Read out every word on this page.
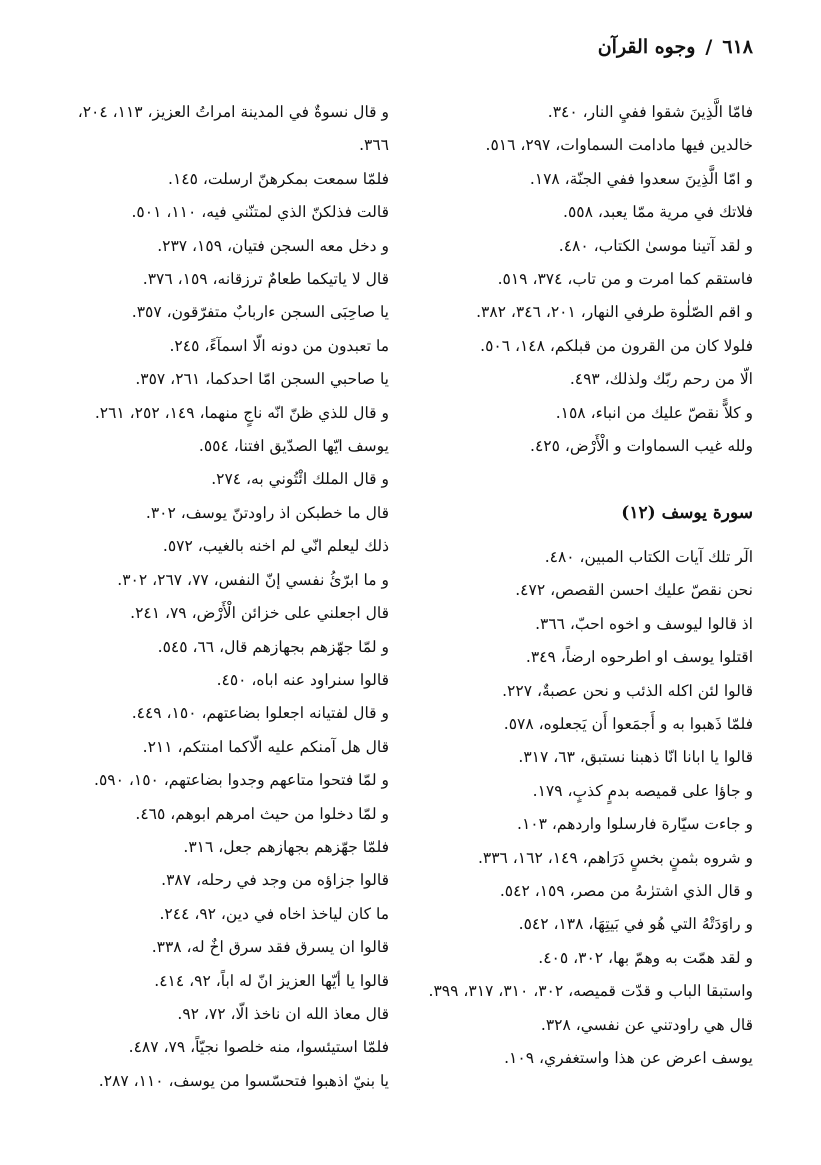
٦١٨/وجوه القرآن
فامّا الَّذِينَ شقوا ففيِ النار، ٣٤٠.
خالدين فيها مادامت السماوات، ٢٩٧، ٥١٦.
و امّا الَّذِينَ سعدوا ففي الجنّة، ١٧٨.
فلاتك في مرية ممّا يعبد، ٥٥٨.
و لقد آتينا موسىٰ الكتاب، ٤٨٠.
فاستقم كما امرت و من تاب، ٣٧٤، ٥١٩.
و اقم الصّلٰوة طرفي النهار، ٢٠١، ٣٤٦، ٣٨٢.
فلولا كان من القرون من قبلكم، ١٤٨، ٥٠٦.
الّا من رحم ربّك ولذلك، ٤٩٣.
و كلاًّ نقصّ عليك من انباء، ١٥٨.
ولله غيب السماوات و الْأَرْض، ٤٢٥.
سورة يوسف (١٢)
الٓر تلك آيات الكتاب المبين، ٤٨٠.
نحن نقصّ عليك احسن القصص، ٤٧٢.
اذ قالوا ليوسف و اخوه احبّ، ٣٦٦.
اقتلوا يوسف او اطرحوه ارضاً، ٣٤٩.
قالوا لئن اكله الذئب و نحن عصبةٌ، ٢٢٧.
فلمّا ذَهبوا به و أَجمَعوا أَن يَجعلوه، ٥٧٨.
قالوا يا ابانا انّا ذهبنا نستبق، ٦٣، ٣١٧.
و جاؤا على قميصه بدمٍ كذبٍ، ١٧٩.
و جاءت سيّارة فارسلوا واردهم، ١٠٣.
و شروه بثمنٍ بخسٍ دَرَاهم، ١٤٩، ١٦٢، ٣٣٦.
و قال الذي اشترٰىهُ من مصر، ١٥٩، ٥٤٢.
و راوَدَتْهُ التي هُو في بَيتِهَا، ١٣٨، ٥٤٢.
و لقد همّت به وهمّ بها، ٣٠٢، ٤٠٥.
واستبقا الباب و قدّت قميصه، ٣٠٢، ٣١٠، ٣١٧، ٣٩٩.
قال هي راودتني عن نفسي، ٣٢٨.
يوسف اعرض عن هذا واستغفري، ١٠٩.
و قال نسوةٌ في المدينة امراتُ العزيز، ١١٣، ٢٠٤، ٣٦٦.
فلمّا سمعت بمكرهنّ ارسلت، ١٤٥.
قالت فذلكنّ الذي لمتنّني فيه، ١١٠، ٥٠١.
و دخل معه السجن فتيان، ١٥٩، ٢٣٧.
قال لا ياتيكما طعامٌ ترزقانه، ١٥٩، ٣٧٦.
يا صاحِبَى السجن ءاربابٌ متفرّقون، ٣٥٧.
ما تعبدون من دونه الّا اسمآءً، ٢٤٥.
يا صاحبي السجن امّا احدكما، ٢٦١، ٣٥٧.
و قال للذي ظنّ انّه ناجٍ منهما، ١٤٩، ٢٥٢، ٢٦١.
يوسف ايّها الصدّيق افتنا، ٥٥٤.
و قال الملك ائْتُوني به، ٢٧٤.
قال ما خطبكن اذ راودتنّ يوسف، ٣٠٢.
ذلك ليعلم انّي لم اخنه بالغيب، ٥٧٢.
و ما ابرّئُ نفسي إنّ النفس، ٧٧، ٢٦٧، ٣٠٢.
قال اجعلني على خزائن الْأَرْض، ٧٩، ٢٤١.
و لمّا جهّزهم بجهازهم قال، ٦٦، ٥٤٥.
قالوا سنراود عنه اباه، ٤٥٠.
و قال لفتيانه اجعلوا بضاعتهم، ١٥٠، ٤٤٩.
قال هل آمنكم عليه الّاكما امنتكم، ٢١١.
و لمّا فتحوا متاعهم وجدوا بضاعتهم، ١٥٠، ٥٩٠.
و لمّا دخلوا من حيث امرهم ابوهم، ٤٦٥.
فلمّا جهّزهم بجهازهم جعل، ٣١٦.
قالوا جزاؤه من وجد في رحله، ٣٨٧.
ما كان لياخذ اخاه في دين، ٩٢، ٢٤٤.
قالوا ان يسرق فقد سرق اخٌ له، ٣٣٨.
قالوا يا أيّها العزيز انّ له اباً، ٩٢، ٤١٤.
قال معاذ الله ان ناخذ الّا، ٧٢، ٩٢.
فلمّا استيئسوا، منه خلصوا نجيّاً، ٧٩، ٤٨٧.
يا بنيّ اذهبوا فتحسّسوا من يوسف، ١١٠، ٢٨٧.
